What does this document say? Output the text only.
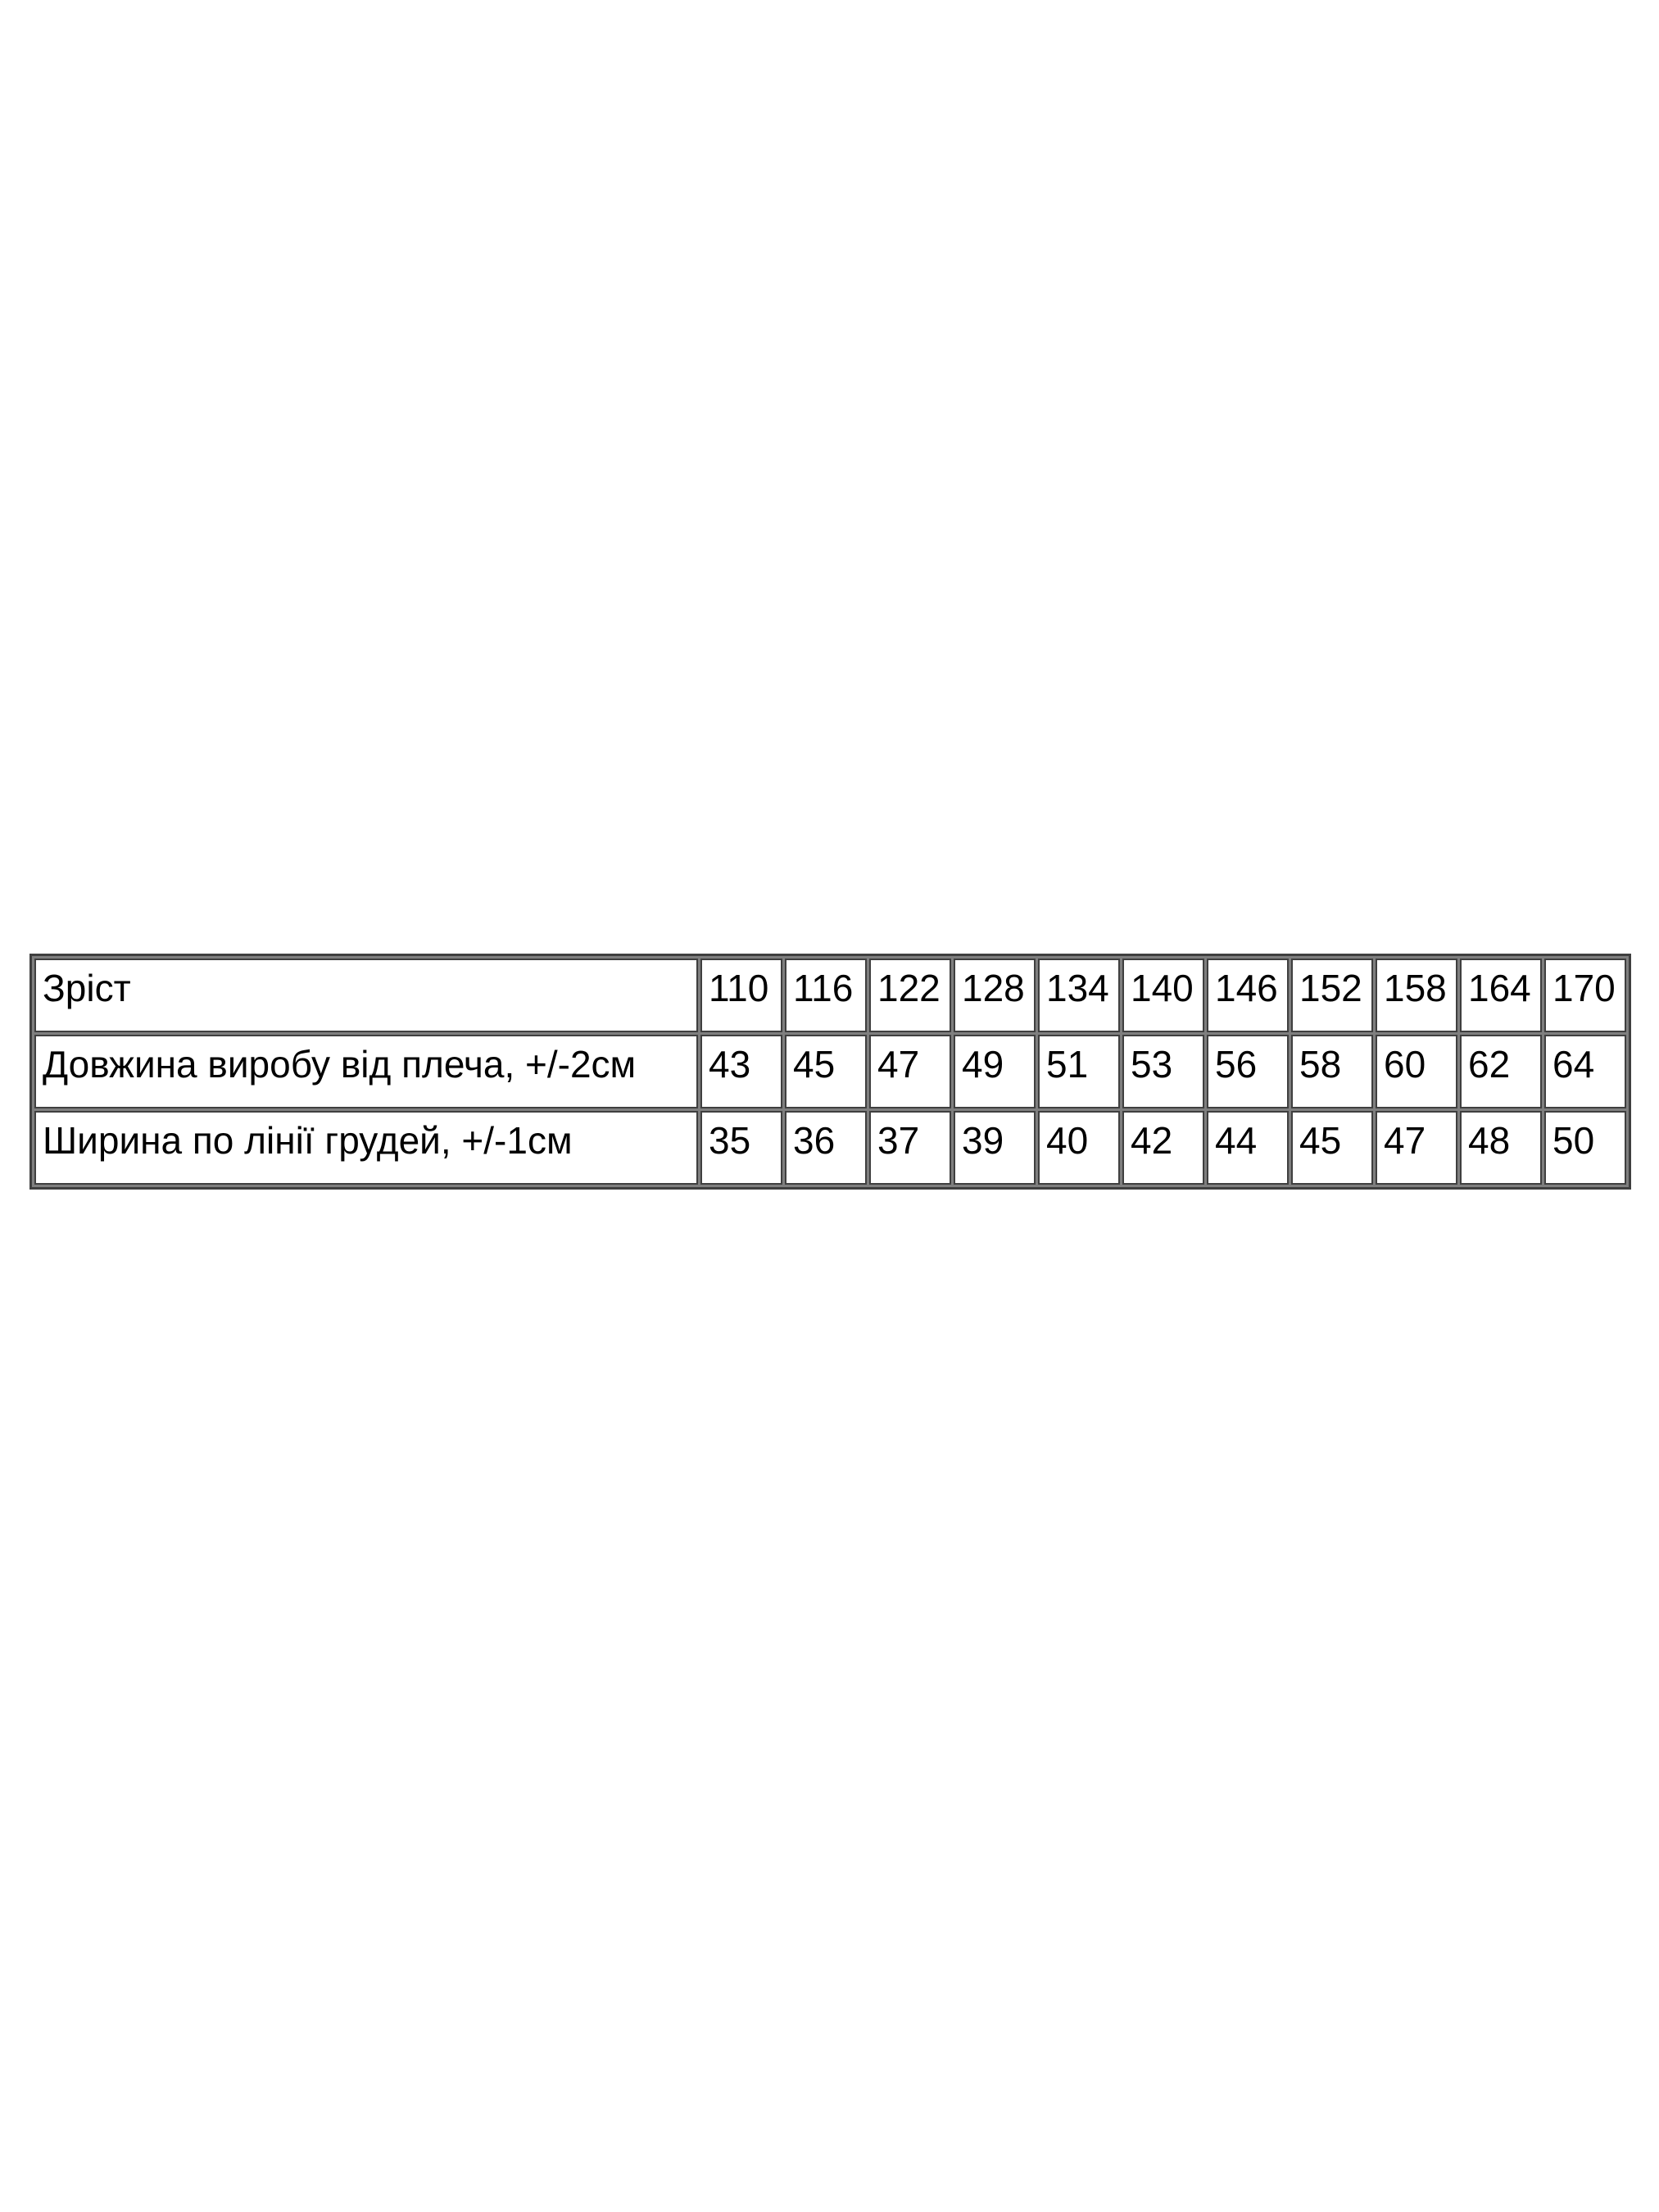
Зріст	110	116	122	128	134	140	146	152	158	164	170
Довжина виробу від плеча, +/-2см	43	45	47	49	51	53	56	58	60	62	64
Ширина по лінії грудей, +/-1см	35	36	37	39	40	42	44	45	47	48	50
